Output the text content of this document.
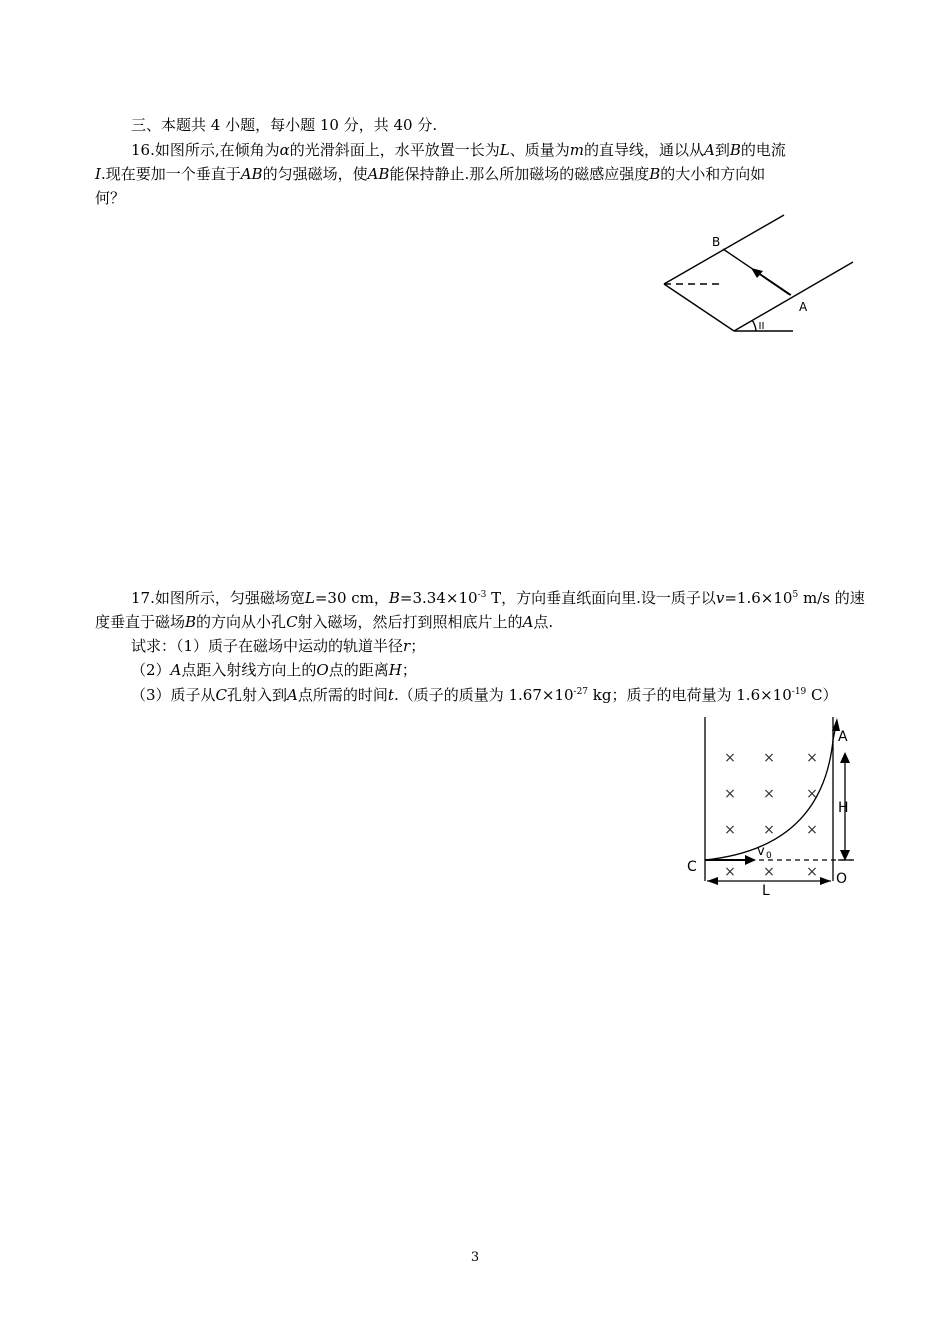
三、本题共 4 小题，每小题 10 分，共 40 分.
16.如图所示,在倾角为α的光滑斜面上，水平放置一长为L、质量为m的直导线，通以从A到B的电流
I.现在要加一个垂直于AB的匀强磁场，使AB能保持静止.那么所加磁场的磁感应强度B的大小和方向如
何？
B
A
17.如图所示，匀强磁场宽L=30 cm，$B=3.34\times 10^{-3}$ T，方向垂直纸面向里.设一质子以$v=1.6\times 10^5$ m/s 的速
度垂直于磁场B的方向从小孔C射入磁场，然后打到照相底片上的A点.
试求：（1）质子在磁场中运动的轨道半径r；
（2）A点距入射线方向上的O点的距离H；
（3）质子从C孔射入到A点所需的时间t.（质子的质量为 $1.67\times 10^{-27}$ kg；质子的电荷量为 $1.6\times 10^{-19}$ C）
× × ×
× × ×
× × ×
× × ×
A
H
C
O
L
v 0
3
